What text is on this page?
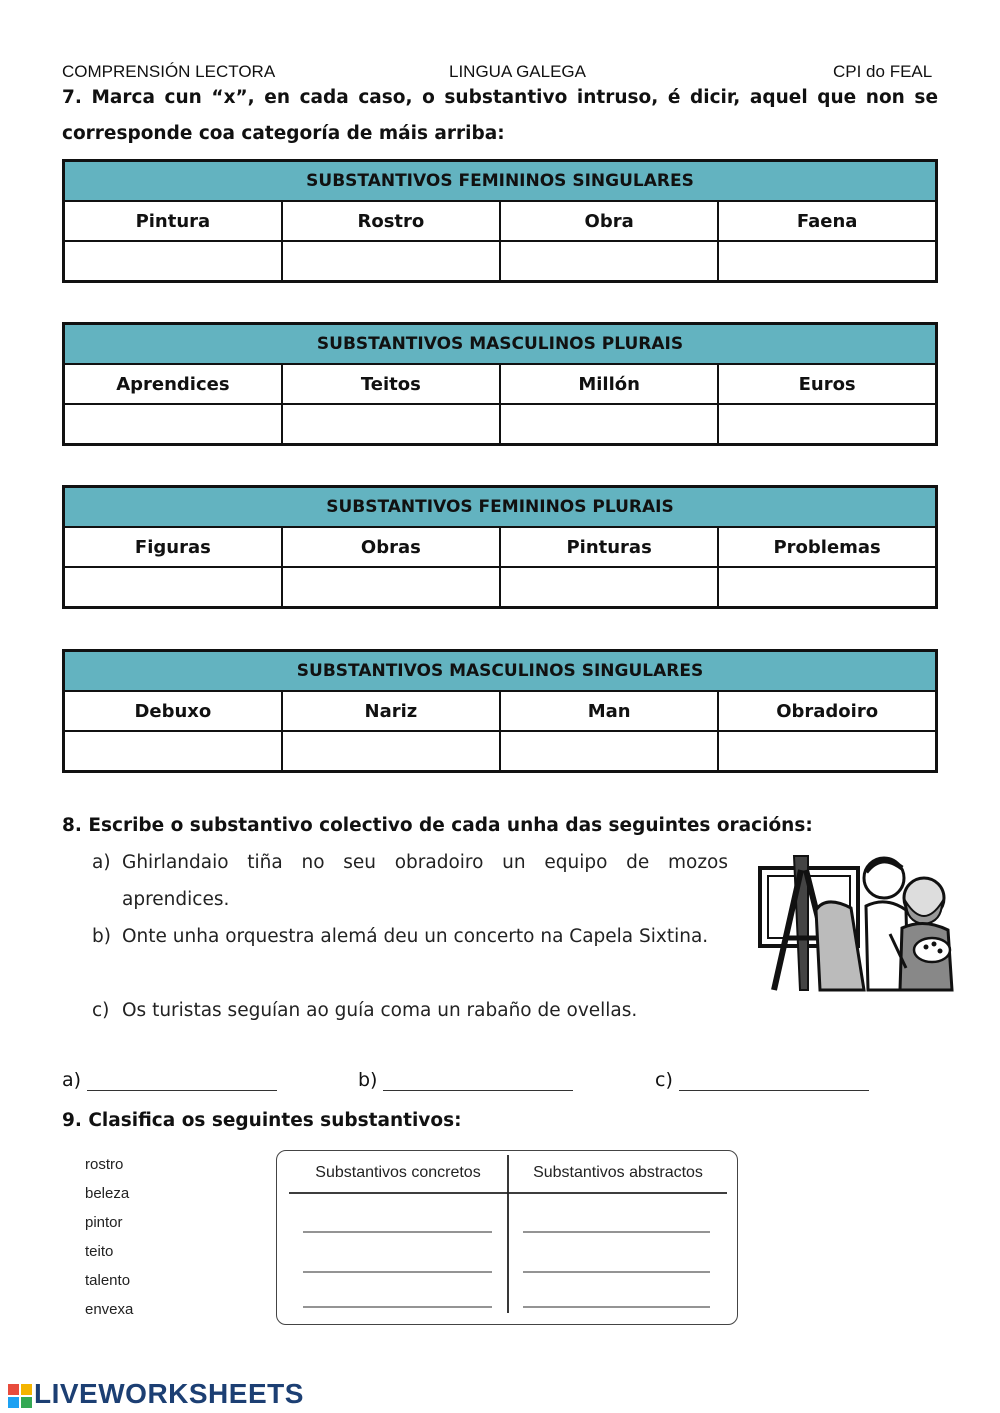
COMPRENSIÓN LECTORA	LINGUA GALEGA	CPI do FEAL
7. Marca cun “x”, en cada caso, o substantivo intruso, é dicir, aquel que non se corresponde coa categoría de máis arriba:
SUBSTANTIVOS FEMININOS SINGULARES			
Pintura	Rostro	Obra	Faena

SUBSTANTIVOS MASCULINOS PLURAIS			
Aprendices	Teitos	Millón	Euros

SUBSTANTIVOS FEMININOS PLURAIS			
Figuras	Obras	Pinturas	Problemas

SUBSTANTIVOS MASCULINOS SINGULARES			
Debuxo	Nariz	Man	Obradoiro

8. Escribe o substantivo colectivo de cada unha das seguintes oracións:
a) Ghirlandaio tiña no seu obradoiro un equipo de mozos aprendices.
b) Onte unha orquestra alemá deu un concerto na Capela Sixtina.
c) Os turistas seguían ao guía coma un rabaño de ovellas.
a)	b)	c)
9. Clasifica os seguintes substantivos:
rostro
beleza
pintor
teito
talento
envexa
Substantivos concretos	Substantivos abstractos
LIVEWORKSHEETS
